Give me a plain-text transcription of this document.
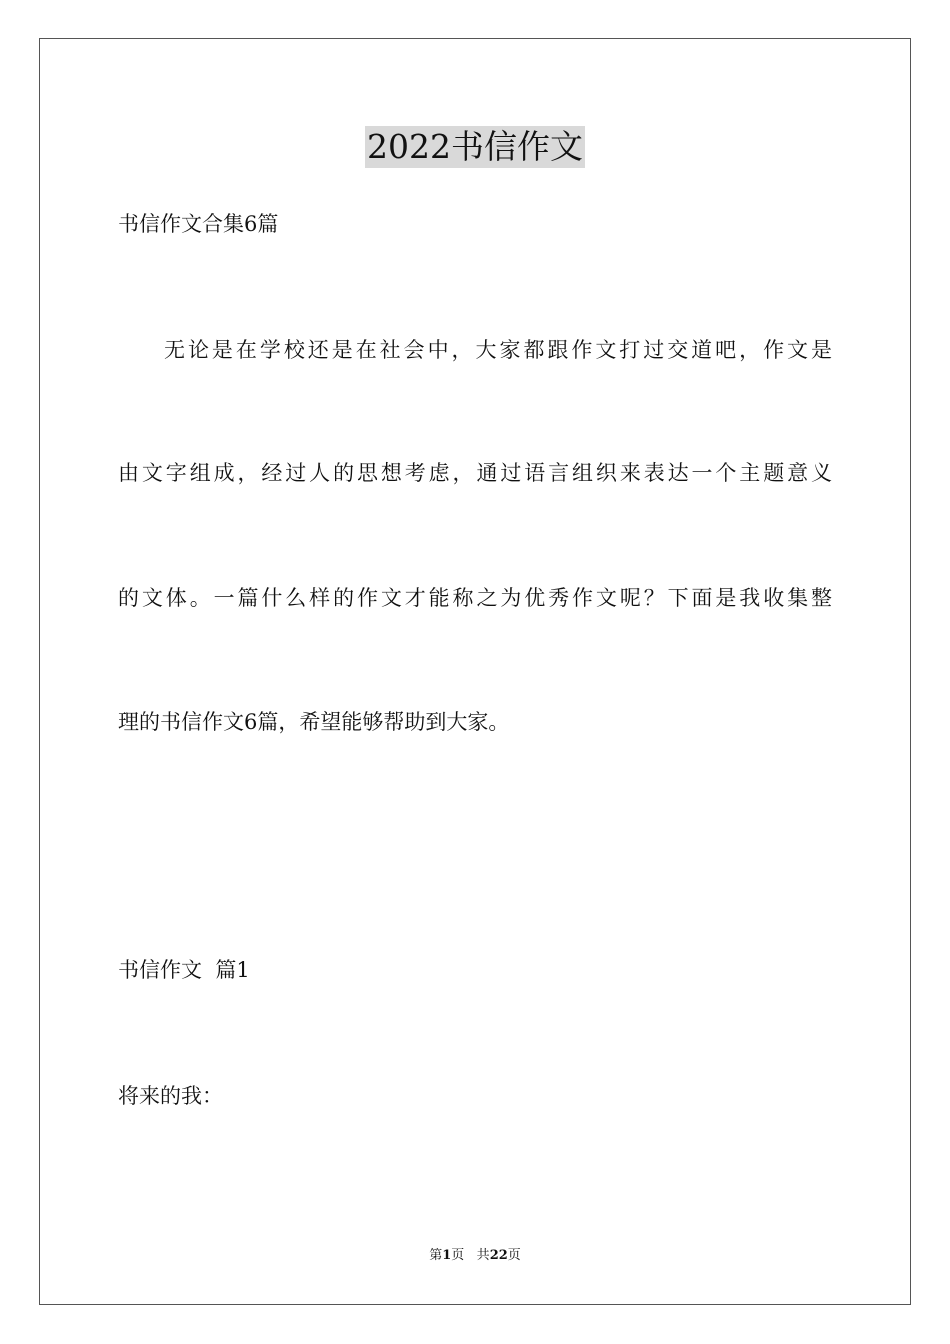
2022书信作文
书信作文合集6篇
无论是在学校还是在社会中，大家都跟作文打过交道吧，作文是
由文字组成，经过人的思想考虑，通过语言组织来表达一个主题意义
的文体。一篇什么样的作文才能称之为优秀作文呢？下面是我收集整
理的书信作文6篇，希望能够帮助到大家。
书信作文  篇1
将来的我：
第1页 共22页
